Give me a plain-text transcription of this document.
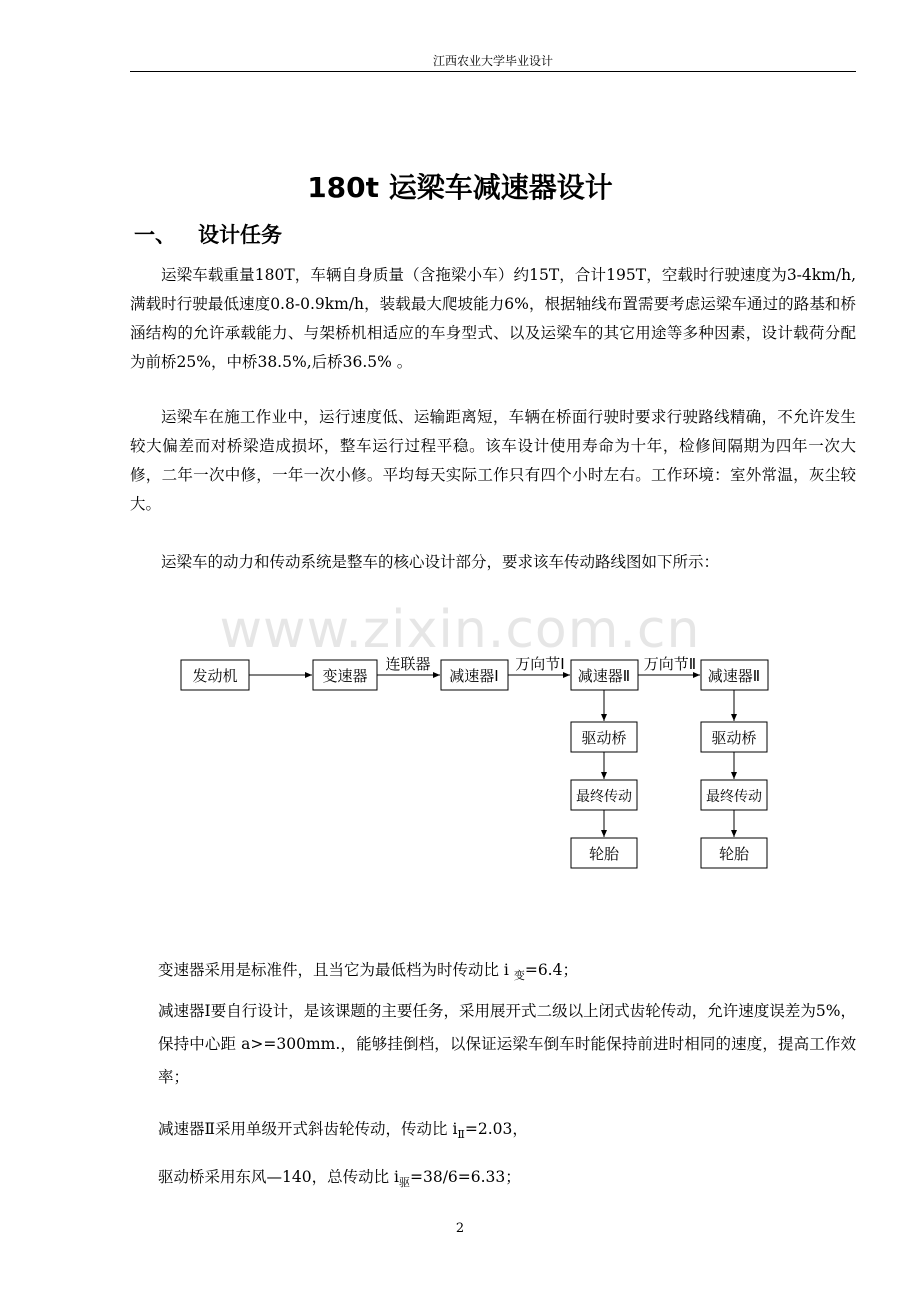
江西农业大学毕业设计
180t 运梁车减速器设计
一、 设计任务
运梁车载重量180T，车辆自身质量（含拖梁小车）约15T，合计195T，空载时行驶速度为3-4km/h,满载时行驶最低速度0.8-0.9km/h，装载最大爬坡能力6%，根据轴线布置需要考虑运梁车通过的路基和桥涵结构的允许承载能力、与架桥机相适应的车身型式、以及运梁车的其它用途等多种因素，设计载荷分配为前桥25%，中桥38.5%,后桥36.5% 。
运梁车在施工作业中，运行速度低、运输距离短，车辆在桥面行驶时要求行驶路线精确，不允许发生较大偏差而对桥梁造成损坏，整车运行过程平稳。该车设计使用寿命为十年，检修间隔期为四年一次大修，二年一次中修，一年一次小修。平均每天实际工作只有四个小时左右。工作环境：室外常温，灰尘较大。
运梁车的动力和传动系统是整车的核心设计部分，要求该车传动路线图如下所示：
www.zixin.com.cn
发动机	变速器
连联器
减速器Ⅰ
万向节Ⅰ
减速器Ⅱ
万向节Ⅱ
减速器Ⅱ
驱动桥	驱动桥
最终传动	最终传动
轮胎	轮胎
变速器采用是标准件，且当它为最低档为时传动比 i $_变$=6.4；
减速器Ⅰ要自行设计，是该课题的主要任务，采用展开式二级以上闭式齿轮传动，允许速度误差为5%，保持中心距 a>=300mm.，能够挂倒档，以保证运梁车倒车时能保持前进时相同的速度，提高工作效率；
减速器Ⅱ采用单级开式斜齿轮传动，传动比 $i_Ⅱ=2.03$，
驱动桥采用东风—140，总传动比 $i_驱=38/6=6.33$；
2
